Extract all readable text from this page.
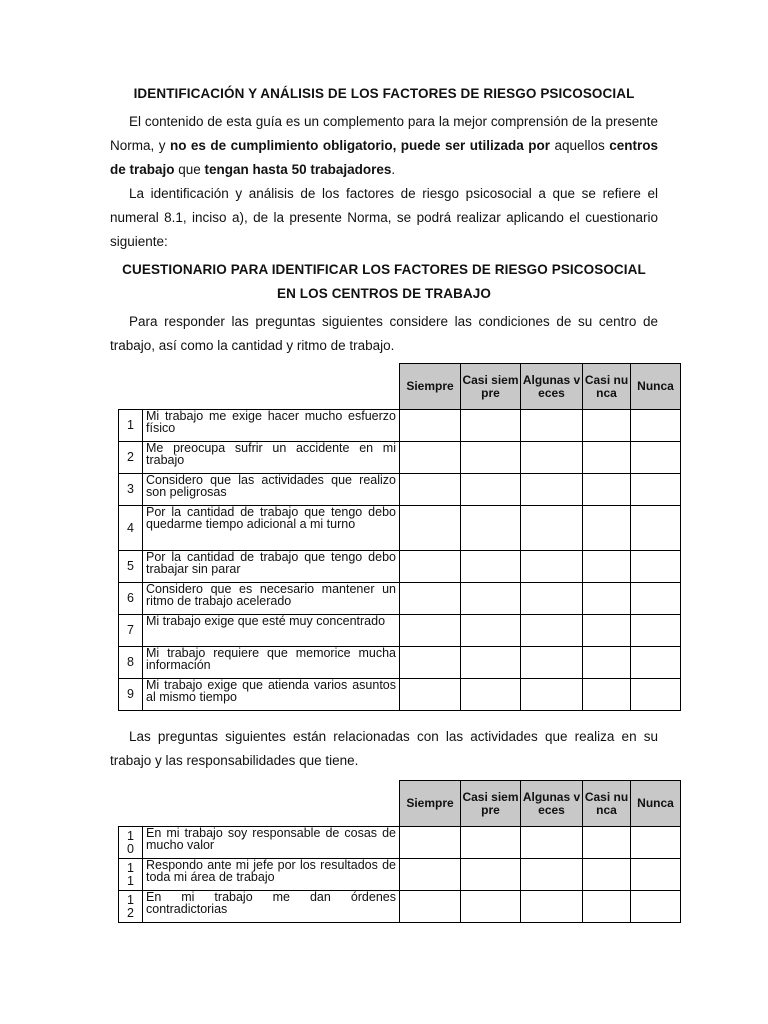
IDENTIFICACIÓN Y ANÁLISIS DE LOS FACTORES DE RIESGO PSICOSOCIAL
El contenido de esta guía es un complemento para la mejor comprensión de la presente Norma, y no es de cumplimiento obligatorio, puede ser utilizada por aquellos centros de trabajo que tengan hasta 50 trabajadores.
La identificación y análisis de los factores de riesgo psicosocial a que se refiere el numeral 8.1, inciso a), de la presente Norma, se podrá realizar aplicando el cuestionario siguiente:
CUESTIONARIO PARA IDENTIFICAR LOS FACTORES DE RIESGO PSICOSOCIAL
EN LOS CENTROS DE TRABAJO
Para responder las preguntas siguientes considere las condiciones de su centro de trabajo, así como la cantidad y ritmo de trabajo.
		Siempre	Casi siempre	Algunas veces	Casi nunca	Nunca
1	Mi trabajo me exige hacer mucho esfuerzo físico					
2	Me preocupa sufrir un accidente en mi trabajo					
3	Considero que las actividades que realizo son peligrosas					
4	Por la cantidad de trabajo que tengo debo quedarme tiempo adicional a mi turno					
5	Por la cantidad de trabajo que tengo debo trabajar sin parar					
6	Considero que es necesario mantener un ritmo de trabajo acelerado					
7	Mi trabajo exige que esté muy concentrado					
8	Mi trabajo requiere que memorice mucha información					
9	Mi trabajo exige que atienda varios asuntos al mismo tiempo					
Las preguntas siguientes están relacionadas con las actividades que realiza en su trabajo y las responsabilidades que tiene.
		Siempre	Casi siempre	Algunas veces	Casi nunca	Nunca
10	En mi trabajo soy responsable de cosas de mucho valor					
11	Respondo ante mi jefe por los resultados de toda mi área de trabajo					
12	En mi trabajo me dan órdenes contradictorias					
